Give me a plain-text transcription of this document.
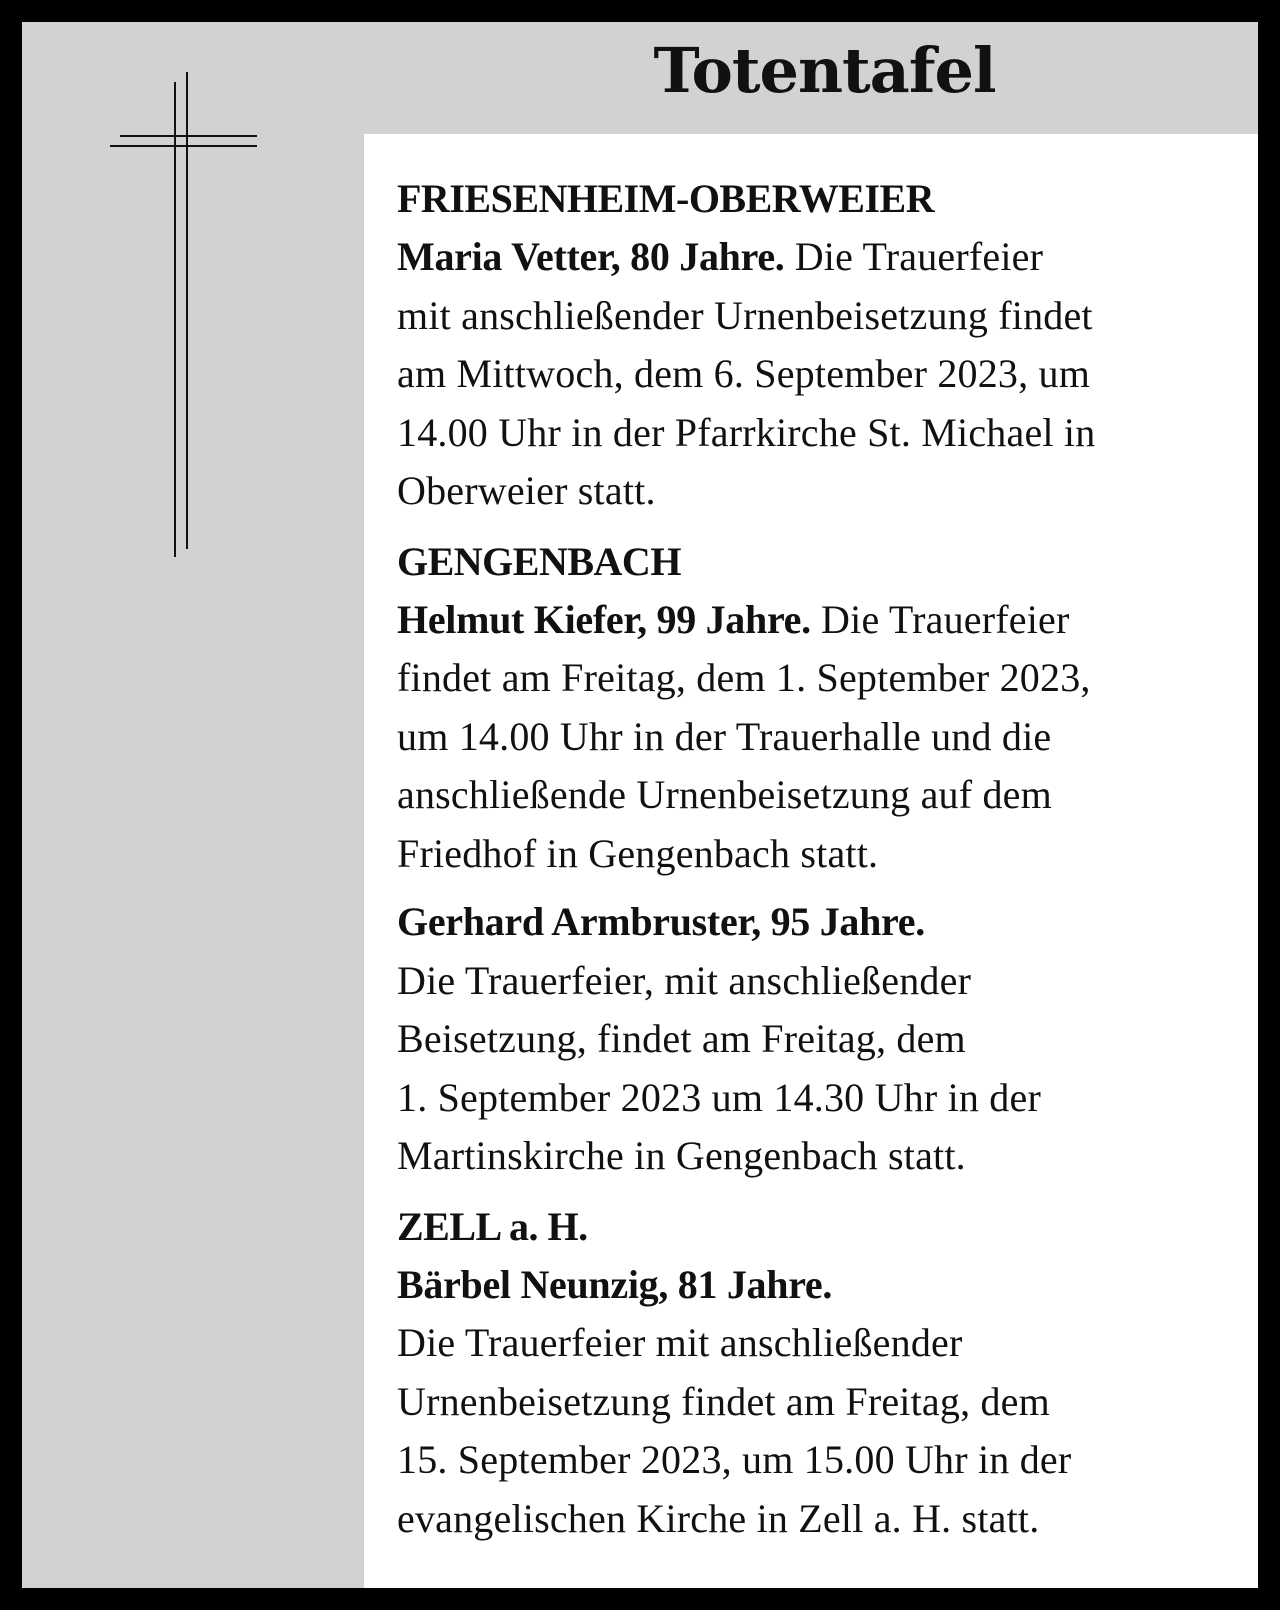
Totentafel

FRIESENHEIM-OBERWEIER

Maria Vetter, 80 Jahre. Die Trauerfeier
mit anschließender Urnenbeisetzung findet
am Mittwoch, dem 6. September 2023, um
14.00 Uhr in der Pfarrkirche St. Michael in
Oberweier statt.

GENGENBACH

Helmut Kiefer, 99 Jahre. Die Trauerfeier
findet am Freitag, dem 1. September 2023,
um 14.00 Uhr in der Trauerhalle und die
anschließende Urnenbeisetzung auf dem
Friedhof in Gengenbach statt.

Gerhard Armbruster, 95 Jahre.
Die Trauerfeier, mit anschließender
Beisetzung, findet am Freitag, dem
1. September 2023 um 14.30 Uhr in der
Martinskirche in Gengenbach statt.

ZELL a. H.

Bärbel Neunzig, 81 Jahre.
Die Trauerfeier mit anschließender
Urnenbeisetzung findet am Freitag, dem
15. September 2023, um 15.00 Uhr in der
evangelischen Kirche in Zell a. H. statt.
